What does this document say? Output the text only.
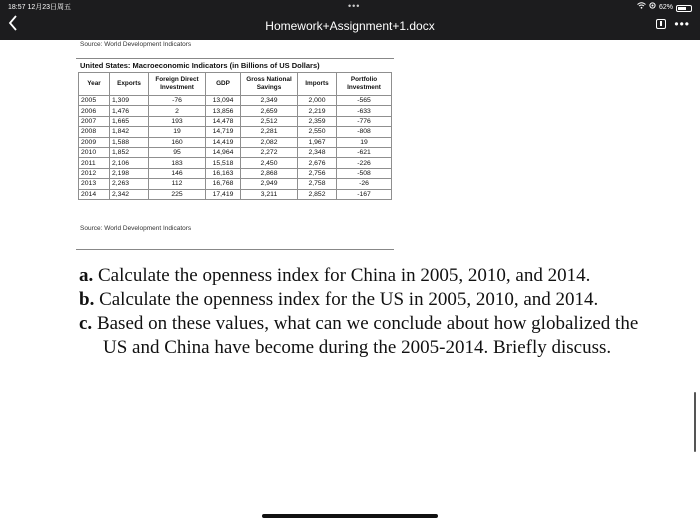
18:57 12月23日周五	•••	62%
Homework+Assignment+1.docx	•••
Source: World Development Indicators
United States: Macroeconomic Indicators (in Billions of US Dollars)
Year	Exports	Foreign Direct Investment	GDP	Gross National Savings	Imports	Portfolio Investment
2005	1,309	-76	13,094	2,349	2,000	-565
2006	1,476	2	13,856	2,659	2,219	-633
2007	1,665	193	14,478	2,512	2,359	-776
2008	1,842	19	14,719	2,281	2,550	-808
2009	1,588	160	14,419	2,082	1,967	19
2010	1,852	95	14,964	2,272	2,348	-621
2011	2,106	183	15,518	2,450	2,676	-226
2012	2,198	146	16,163	2,868	2,756	-508
2013	2,263	112	16,768	2,949	2,758	-26
2014	2,342	225	17,419	3,211	2,852	-167
Source: World Development Indicators

a. Calculate the openness index for China in 2005, 2010, and 2014.

b. Calculate the openness index for the US in 2005, 2010, and 2014.

c. Based on these values, what can we conclude about how globalized the US and China have become during the 2005-2014. Briefly discuss.
